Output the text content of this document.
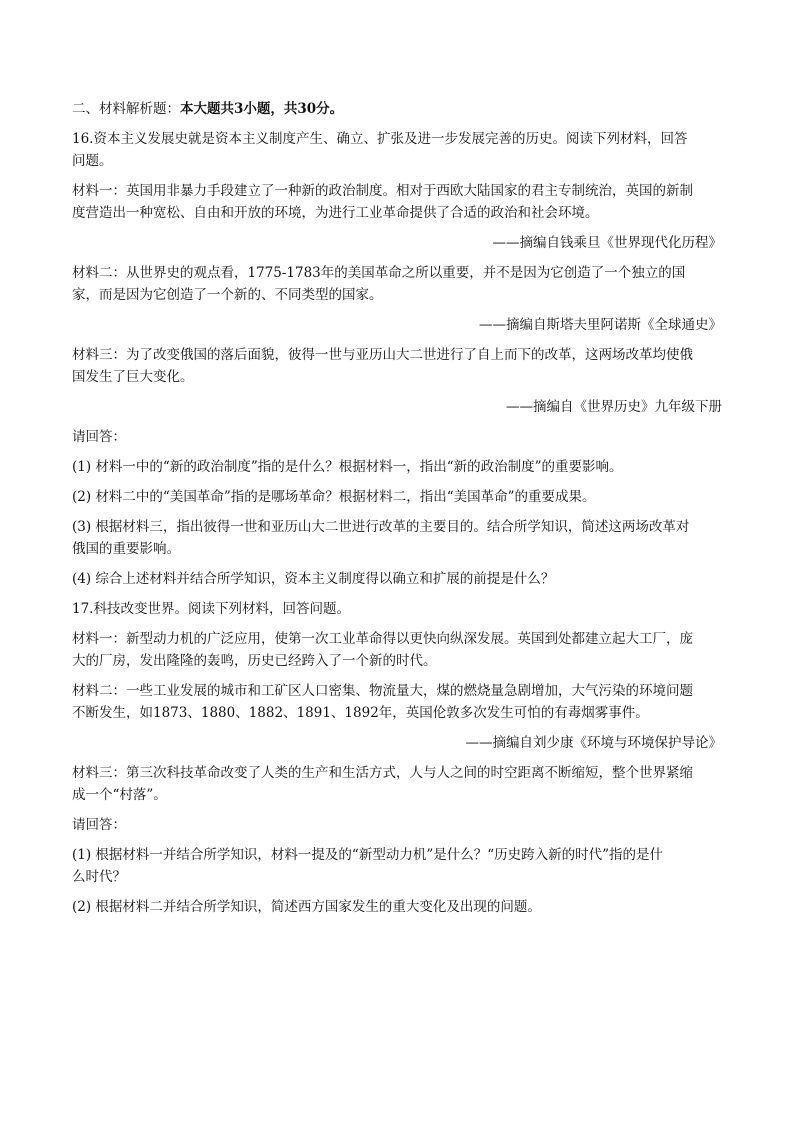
二、材料解析题：本大题共3小题，共30分。

16.资本主义发展史就是资本主义制度产生、确立、扩张及进一步发展完善的历史。阅读下列材料，回答

问题。

材料一：英国用非暴力手段建立了一种新的政治制度。相对于西欧大陆国家的君主专制统治，英国的新制

度营造出一种宽松、自由和开放的环境，为进行工业革命提供了合适的政治和社会环境。

——摘编自钱乘旦《世界现代化历程》

材料二：从世界史的观点看，1775-1783年的美国革命之所以重要，并不是因为它创造了一个独立的国

家，而是因为它创造了一个新的、不同类型的国家。

——摘编自斯塔夫里阿诺斯《全球通史》

材料三：为了改变俄国的落后面貌，彼得一世与亚历山大二世进行了自上而下的改革，这两场改革均使俄

国发生了巨大变化。

——摘编自《世界历史》九年级下册

请回答：

(1) 材料一中的“新的政治制度”指的是什么？根据材料一，指出“新的政治制度”的重要影响。

(2) 材料二中的“美国革命”指的是哪场革命？根据材料二，指出“美国革命”的重要成果。

(3) 根据材料三，指出彼得一世和亚历山大二世进行改革的主要目的。结合所学知识，简述这两场改革对

俄国的重要影响。

(4) 综合上述材料并结合所学知识，资本主义制度得以确立和扩展的前提是什么？

17.科技改变世界。阅读下列材料，回答问题。

材料一：新型动力机的广泛应用，使第一次工业革命得以更快向纵深发展。英国到处都建立起大工厂，庞

大的厂房，发出隆隆的轰鸣，历史已经跨入了一个新的时代。

材料二：一些工业发展的城市和工矿区人口密集、物流量大，煤的燃烧量急剧增加，大气污染的环境问题

不断发生，如1873、1880、1882、1891、1892年，英国伦敦多次发生可怕的有毒烟雾事件。

——摘编自刘少康《环境与环境保护导论》

材料三：第三次科技革命改变了人类的生产和生活方式，人与人之间的时空距离不断缩短，整个世界紧缩

成一个“村落”。

请回答：

(1) 根据材料一并结合所学知识，材料一提及的“新型动力机”是什么？“历史跨入新的时代”指的是什

么时代？

(2) 根据材料二并结合所学知识，简述西方国家发生的重大变化及出现的问题。
